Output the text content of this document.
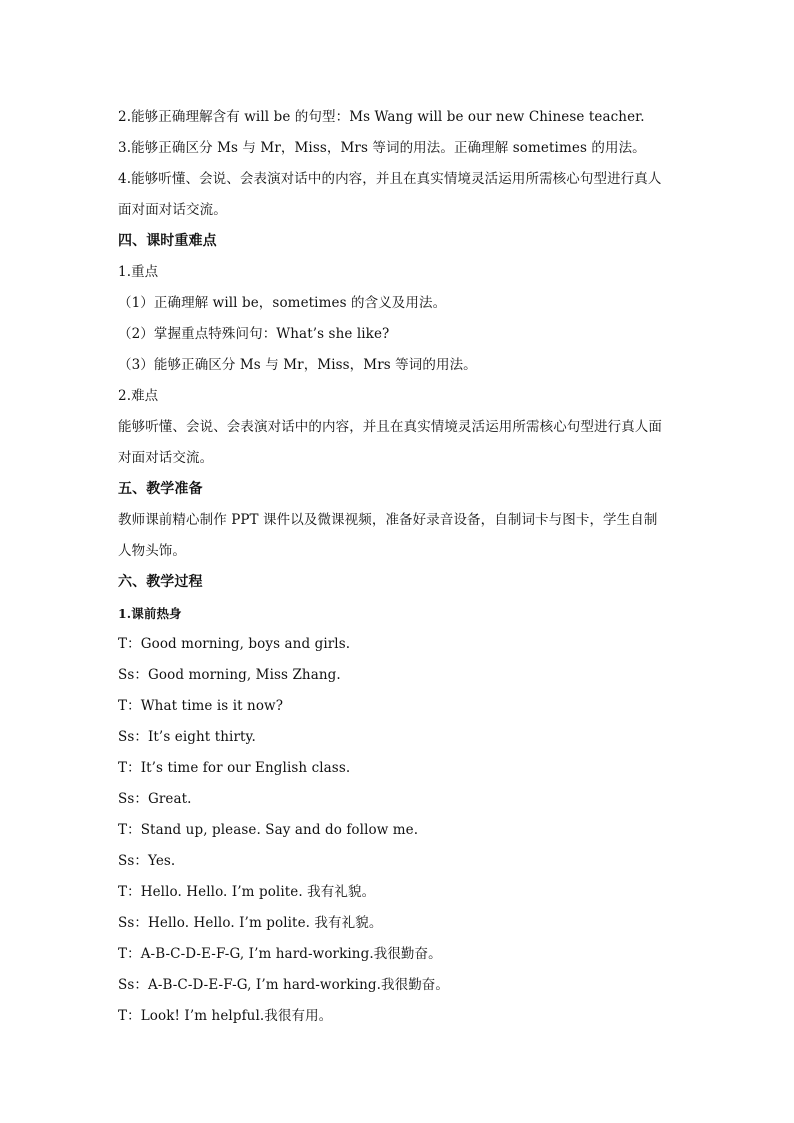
2.能够正确理解含有 will be 的句型：Ms Wang will be our new Chinese teacher.
3.能够正确区分 Ms 与 Mr，Miss，Mrs 等词的用法。正确理解 sometimes 的用法。
4.能够听懂、会说、会表演对话中的内容，并且在真实情境灵活运用所需核心句型进行真人
面对面对话交流。
四、课时重难点
1.重点
（1）正确理解 will be，sometimes 的含义及用法。
（2）掌握重点特殊问句：What’s she like?
（3）能够正确区分 Ms 与 Mr，Miss，Mrs 等词的用法。
2.难点
能够听懂、会说、会表演对话中的内容，并且在真实情境灵活运用所需核心句型进行真人面
对面对话交流。
五、教学准备
教师课前精心制作 PPT 课件以及微课视频，准备好录音设备，自制词卡与图卡，学生自制
人物头饰。
六、教学过程
1.课前热身
T：Good morning, boys and girls.
Ss：Good morning, Miss Zhang.
T：What time is it now?
Ss：It’s eight thirty.
T：It’s time for our English class.
Ss：Great.
T：Stand up, please. Say and do follow me.
Ss：Yes.
T：Hello. Hello. I’m polite. 我有礼貌。
Ss：Hello. Hello. I’m polite. 我有礼貌。
T：A-B-C-D-E-F-G, I’m hard-working.我很勤奋。
Ss：A-B-C-D-E-F-G, I’m hard-working.我很勤奋。
T：Look! I’m helpful.我很有用。
